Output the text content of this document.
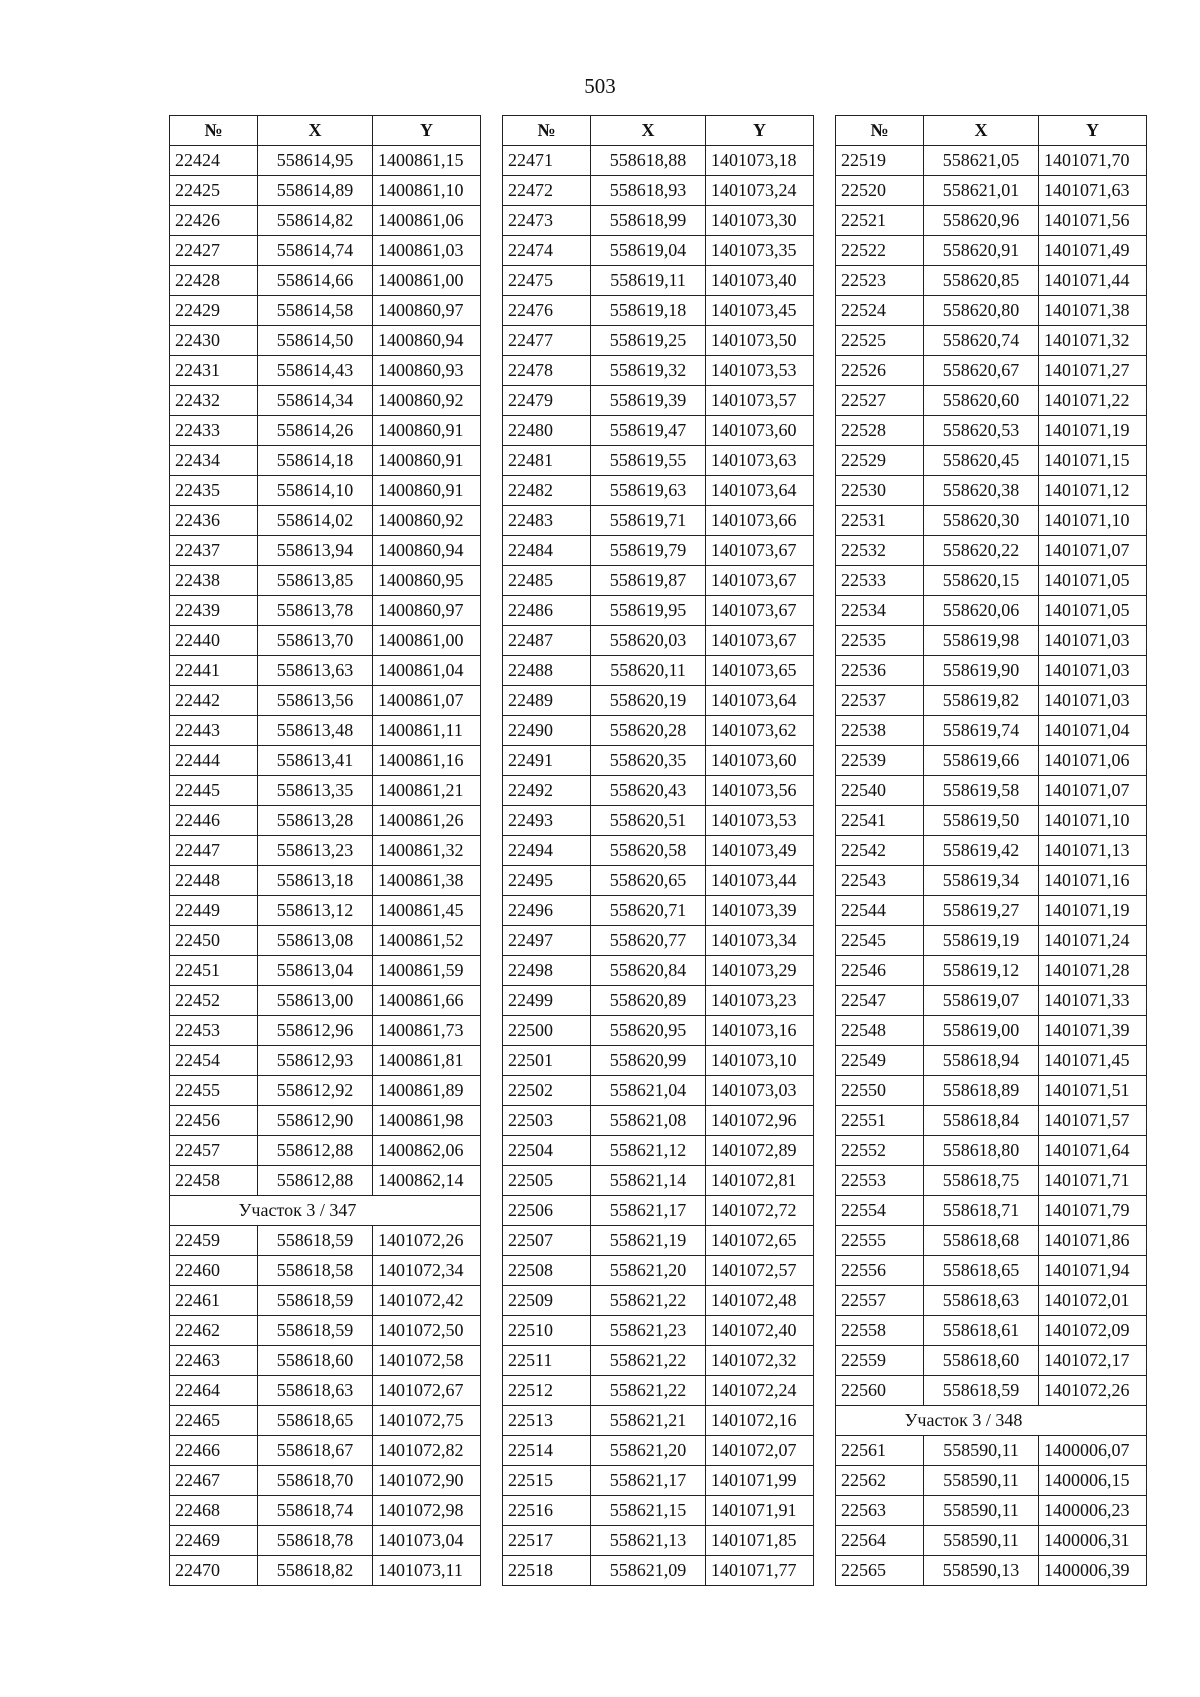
503
№	X	Y
22424	558614,95	1400861,15
22425	558614,89	1400861,10
22426	558614,82	1400861,06
22427	558614,74	1400861,03
22428	558614,66	1400861,00
22429	558614,58	1400860,97
22430	558614,50	1400860,94
22431	558614,43	1400860,93
22432	558614,34	1400860,92
22433	558614,26	1400860,91
22434	558614,18	1400860,91
22435	558614,10	1400860,91
22436	558614,02	1400860,92
22437	558613,94	1400860,94
22438	558613,85	1400860,95
22439	558613,78	1400860,97
22440	558613,70	1400861,00
22441	558613,63	1400861,04
22442	558613,56	1400861,07
22443	558613,48	1400861,11
22444	558613,41	1400861,16
22445	558613,35	1400861,21
22446	558613,28	1400861,26
22447	558613,23	1400861,32
22448	558613,18	1400861,38
22449	558613,12	1400861,45
22450	558613,08	1400861,52
22451	558613,04	1400861,59
22452	558613,00	1400861,66
22453	558612,96	1400861,73
22454	558612,93	1400861,81
22455	558612,92	1400861,89
22456	558612,90	1400861,98
22457	558612,88	1400862,06
22458	558612,88	1400862,14
Участок 3 / 347		
22459	558618,59	1401072,26
22460	558618,58	1401072,34
22461	558618,59	1401072,42
22462	558618,59	1401072,50
22463	558618,60	1401072,58
22464	558618,63	1401072,67
22465	558618,65	1401072,75
22466	558618,67	1401072,82
22467	558618,70	1401072,90
22468	558618,74	1401072,98
22469	558618,78	1401073,04
22470	558618,82	1401073,11
№	X	Y
22471	558618,88	1401073,18
22472	558618,93	1401073,24
22473	558618,99	1401073,30
22474	558619,04	1401073,35
22475	558619,11	1401073,40
22476	558619,18	1401073,45
22477	558619,25	1401073,50
22478	558619,32	1401073,53
22479	558619,39	1401073,57
22480	558619,47	1401073,60
22481	558619,55	1401073,63
22482	558619,63	1401073,64
22483	558619,71	1401073,66
22484	558619,79	1401073,67
22485	558619,87	1401073,67
22486	558619,95	1401073,67
22487	558620,03	1401073,67
22488	558620,11	1401073,65
22489	558620,19	1401073,64
22490	558620,28	1401073,62
22491	558620,35	1401073,60
22492	558620,43	1401073,56
22493	558620,51	1401073,53
22494	558620,58	1401073,49
22495	558620,65	1401073,44
22496	558620,71	1401073,39
22497	558620,77	1401073,34
22498	558620,84	1401073,29
22499	558620,89	1401073,23
22500	558620,95	1401073,16
22501	558620,99	1401073,10
22502	558621,04	1401073,03
22503	558621,08	1401072,96
22504	558621,12	1401072,89
22505	558621,14	1401072,81
22506	558621,17	1401072,72
22507	558621,19	1401072,65
22508	558621,20	1401072,57
22509	558621,22	1401072,48
22510	558621,23	1401072,40
22511	558621,22	1401072,32
22512	558621,22	1401072,24
22513	558621,21	1401072,16
22514	558621,20	1401072,07
22515	558621,17	1401071,99
22516	558621,15	1401071,91
22517	558621,13	1401071,85
22518	558621,09	1401071,77
№	X	Y
22519	558621,05	1401071,70
22520	558621,01	1401071,63
22521	558620,96	1401071,56
22522	558620,91	1401071,49
22523	558620,85	1401071,44
22524	558620,80	1401071,38
22525	558620,74	1401071,32
22526	558620,67	1401071,27
22527	558620,60	1401071,22
22528	558620,53	1401071,19
22529	558620,45	1401071,15
22530	558620,38	1401071,12
22531	558620,30	1401071,10
22532	558620,22	1401071,07
22533	558620,15	1401071,05
22534	558620,06	1401071,05
22535	558619,98	1401071,03
22536	558619,90	1401071,03
22537	558619,82	1401071,03
22538	558619,74	1401071,04
22539	558619,66	1401071,06
22540	558619,58	1401071,07
22541	558619,50	1401071,10
22542	558619,42	1401071,13
22543	558619,34	1401071,16
22544	558619,27	1401071,19
22545	558619,19	1401071,24
22546	558619,12	1401071,28
22547	558619,07	1401071,33
22548	558619,00	1401071,39
22549	558618,94	1401071,45
22550	558618,89	1401071,51
22551	558618,84	1401071,57
22552	558618,80	1401071,64
22553	558618,75	1401071,71
22554	558618,71	1401071,79
22555	558618,68	1401071,86
22556	558618,65	1401071,94
22557	558618,63	1401072,01
22558	558618,61	1401072,09
22559	558618,60	1401072,17
22560	558618,59	1401072,26
Участок 3 / 348		
22561	558590,11	1400006,07
22562	558590,11	1400006,15
22563	558590,11	1400006,23
22564	558590,11	1400006,31
22565	558590,13	1400006,39
